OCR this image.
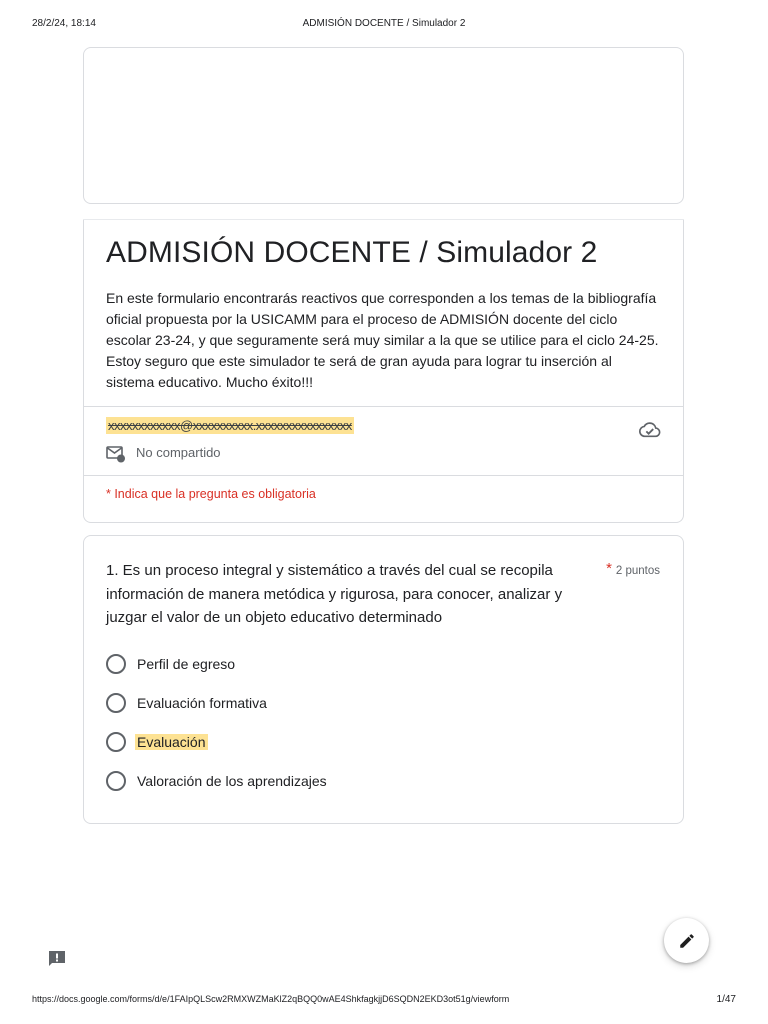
28/2/24, 18:14	ADMISIÓN DOCENTE / Simulador 2
ADMISIÓN DOCENTE / Simulador 2
En este formulario encontrarás reactivos que corresponden a los temas de la bibliografía oficial propuesta por la USICAMM para el proceso de ADMISIÓN docente del ciclo escolar 23-24, y que seguramente será muy similar a la que se utilice para el ciclo 24-25. Estoy seguro que este simulador te será de gran ayuda para lograr tu inserción al sistema educativo. Mucho éxito!!!
xxxxxxxxxxxx@xxxxxxxxxx.xxxxxxxxxxxxxxxx
No compartido
* Indica que la pregunta es obligatoria
1. Es un proceso integral y sistemático a través del cual se recopila información de manera metódica y rigurosa, para conocer, analizar y juzgar el valor de un objeto educativo determinado
* 2 puntos
Perfil de egreso
Evaluación formativa
Evaluación
Valoración de los aprendizajes
https://docs.google.com/forms/d/e/1FAIpQLScw2RMXWZMaKlZ2qBQQ0wAE4ShkfagkjjD6SQDN2EKD3ot51g/viewform	1/47
